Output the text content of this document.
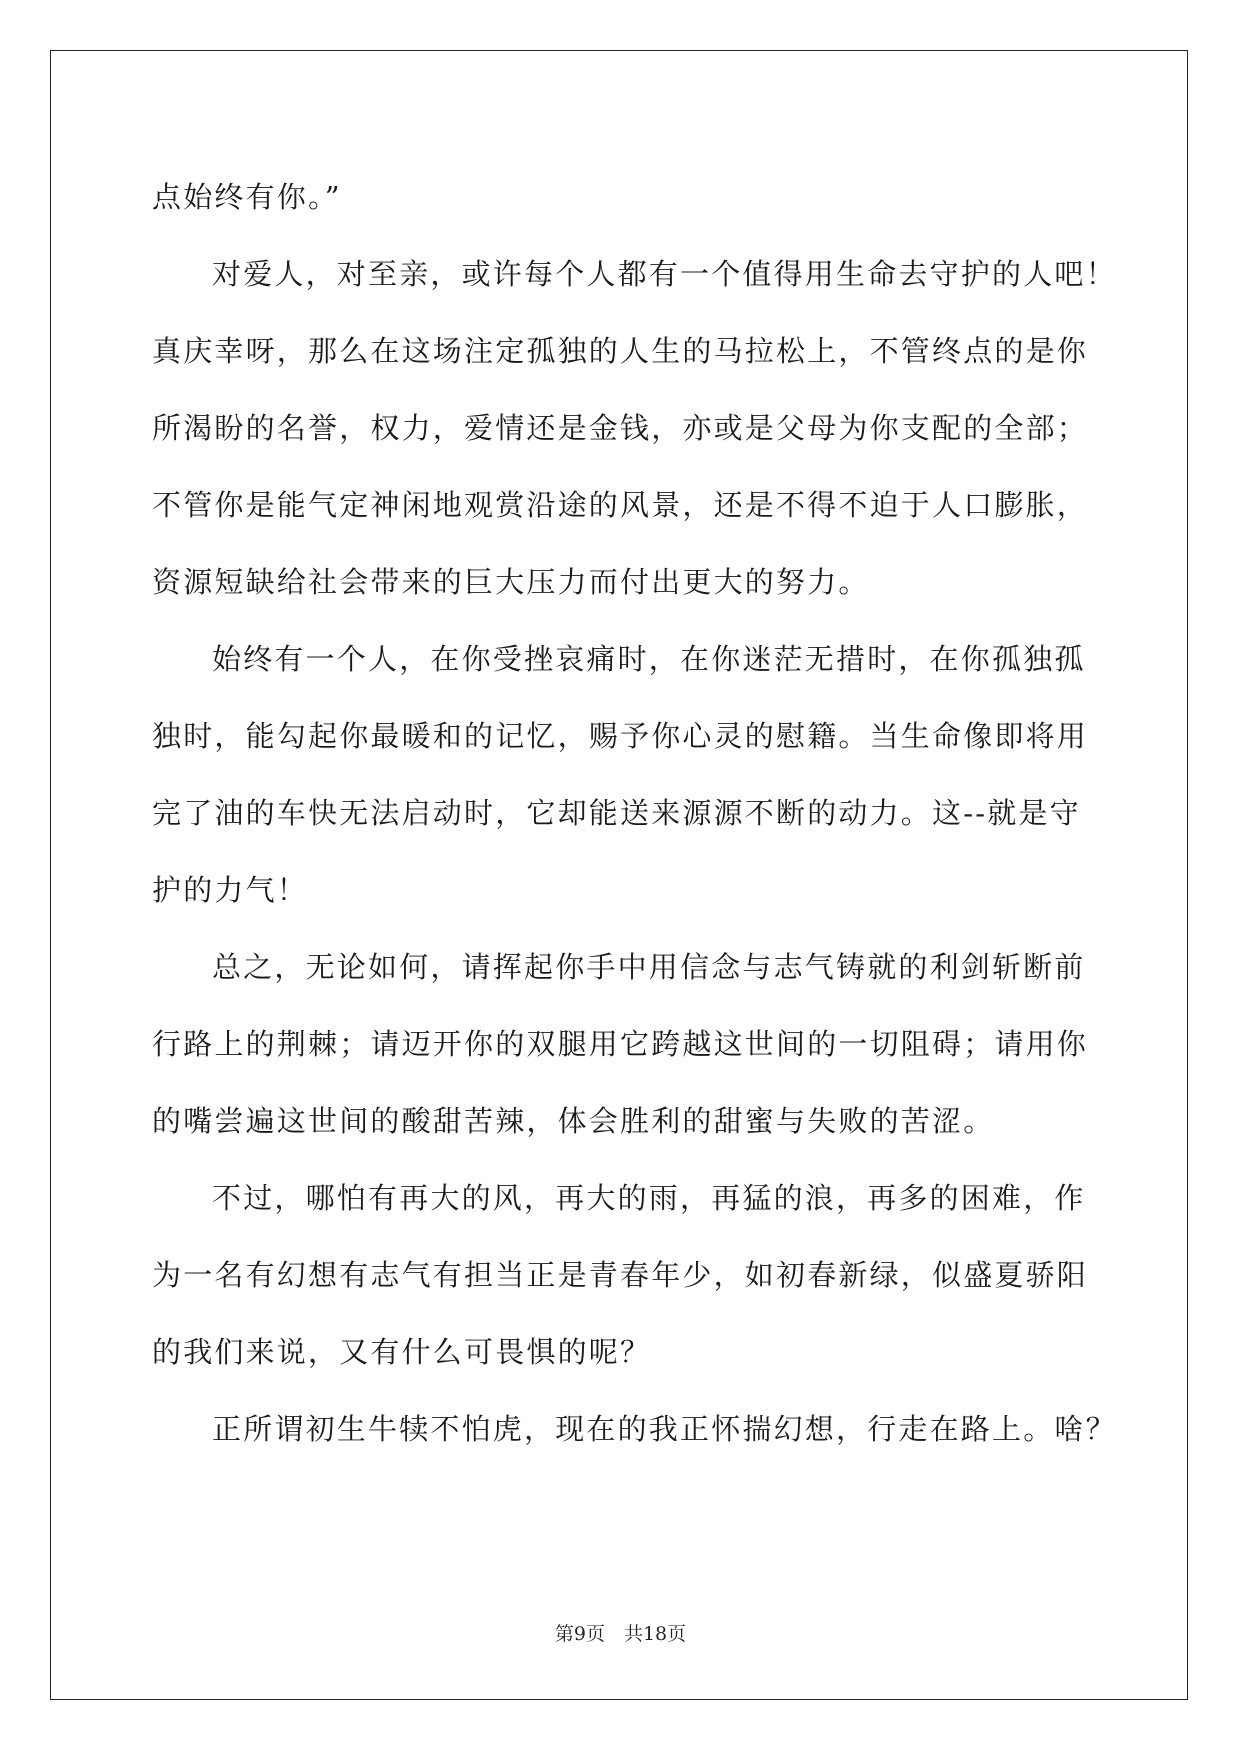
点始终有你。”
对爱人，对至亲，或许每个人都有一个值得用生命去守护的人吧！
真庆幸呀，那么在这场注定孤独的人生的马拉松上，不管终点的是你
所渴盼的名誉，权力，爱情还是金钱，亦或是父母为你支配的全部；
不管你是能气定神闲地观赏沿途的风景，还是不得不迫于人口膨胀，
资源短缺给社会带来的巨大压力而付出更大的努力。
始终有一个人，在你受挫哀痛时，在你迷茫无措时，在你孤独孤
独时，能勾起你最暖和的记忆，赐予你心灵的慰籍。当生命像即将用
完了油的车快无法启动时，它却能送来源源不断的动力。这--就是守
护的力气！
总之，无论如何，请挥起你手中用信念与志气铸就的利剑斩断前
行路上的荆棘；请迈开你的双腿用它跨越这世间的一切阻碍；请用你
的嘴尝遍这世间的酸甜苦辣，体会胜利的甜蜜与失败的苦涩。
不过，哪怕有再大的风，再大的雨，再猛的浪，再多的困难，作
为一名有幻想有志气有担当正是青春年少，如初春新绿，似盛夏骄阳
的我们来说，又有什么可畏惧的呢？
正所谓初生牛犊不怕虎，现在的我正怀揣幻想，行走在路上。啥？
第9页　共18页
